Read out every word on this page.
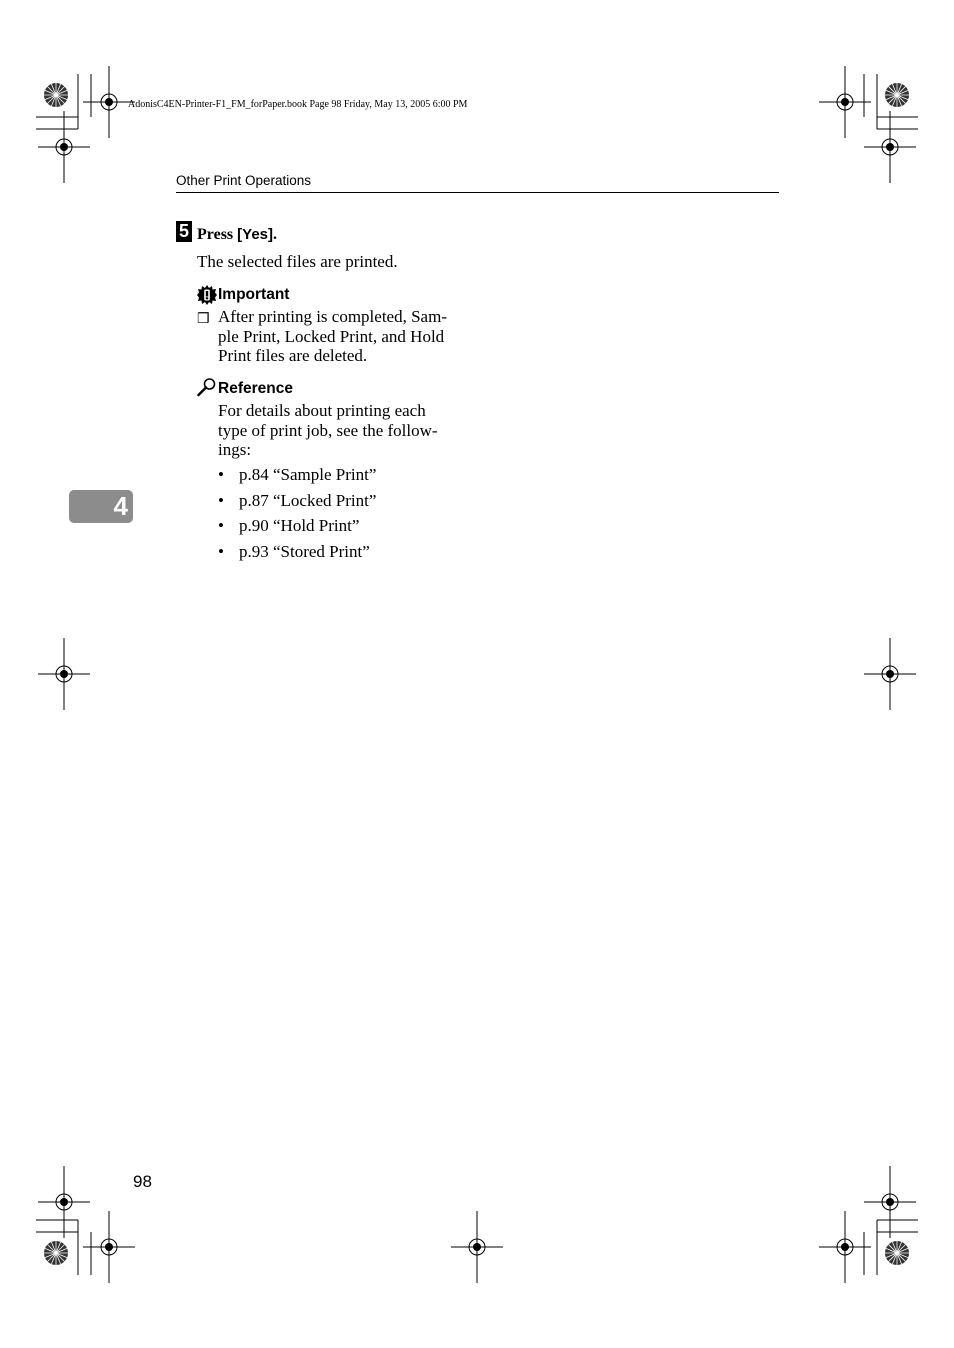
AdonisC4EN-Printer-F1_FM_forPaper.book Page 98 Friday, May 13, 2005 6:00 PM
Other Print Operations
5 Press [Yes].
The selected files are printed.
Important
❒ After printing is completed, Sam-
ple Print, Locked Print, and Hold
Print files are deleted.
Reference
For details about printing each
type of print job, see the follow-
ings:
• p.84 “Sample Print”
• p.87 “Locked Print”
• p.90 “Hold Print”
• p.93 “Stored Print”
4
98
